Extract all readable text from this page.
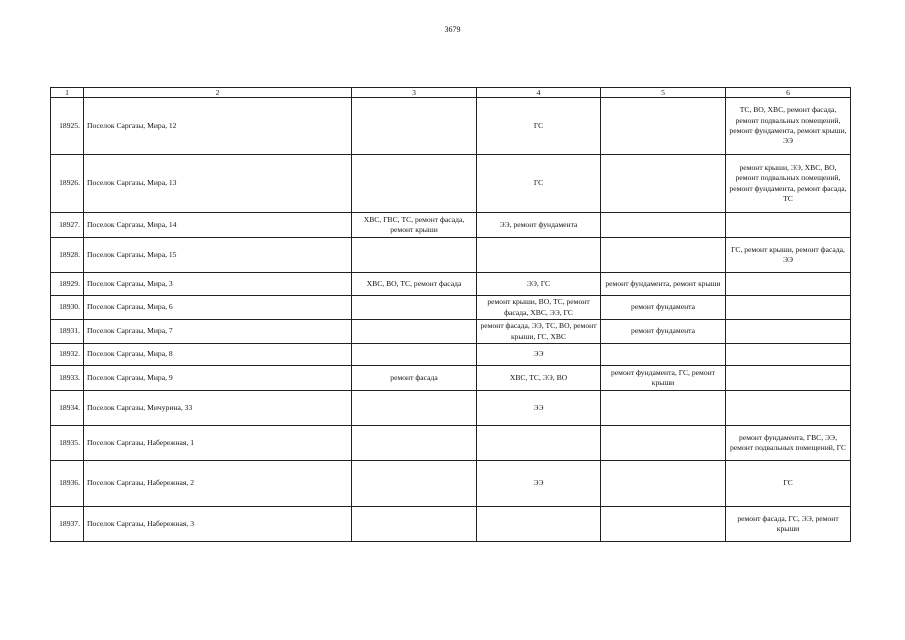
3679
1	2	3	4	5	6
18925.	Поселок Саргазы, Мира, 12		ГС		ТС, ВО, ХВС, ремонт фасада, ремонт подвальных помещений, ремонт фундамента, ремонт крыши, ЭЭ
18926.	Поселок Саргазы, Мира, 13		ГС		ремонт крыши, ЭЭ, ХВС, ВО, ремонт подвальных помещений, ремонт фундамента, ремонт фасада, ТС
18927.	Поселок Саргазы, Мира, 14	ХВС, ГВС, ТС, ремонт фасада, ремонт крыши	ЭЭ, ремонт фундамента		
18928.	Поселок Саргазы, Мира, 15				ГС, ремонт крыши, ремонт фасада, ЭЭ
18929.	Поселок Саргазы, Мира, 3	ХВС, ВО, ТС, ремонт фасада	ЭЭ, ГС	ремонт фундамента, ремонт крыши	
18930.	Поселок Саргазы, Мира, 6		ремонт крыши, ВО, ТС, ремонт фасада, ХВС, ЭЭ, ГС	ремонт фундамента	
18931.	Поселок Саргазы, Мира, 7		ремонт фасада, ЭЭ, ТС, ВО, ремонт крыши, ГС, ХВС	ремонт фундамента	
18932.	Поселок Саргазы, Мира, 8		ЭЭ		
18933.	Поселок Саргазы, Мира, 9	ремонт фасада	ХВС, ТС, ЭЭ, ВО	ремонт фундамента, ГС, ремонт крыши	
18934.	Поселок Саргазы, Мичурина, 33		ЭЭ		
18935.	Поселок Саргазы, Набережная, 1				ремонт фундамента, ГВС, ЭЭ, ремонт подвальных помещений, ГС
18936.	Поселок Саргазы, Набережная, 2		ЭЭ		ГС
18937.	Поселок Саргазы, Набережная, 3				ремонт фасада, ГС, ЭЭ, ремонт крыши
